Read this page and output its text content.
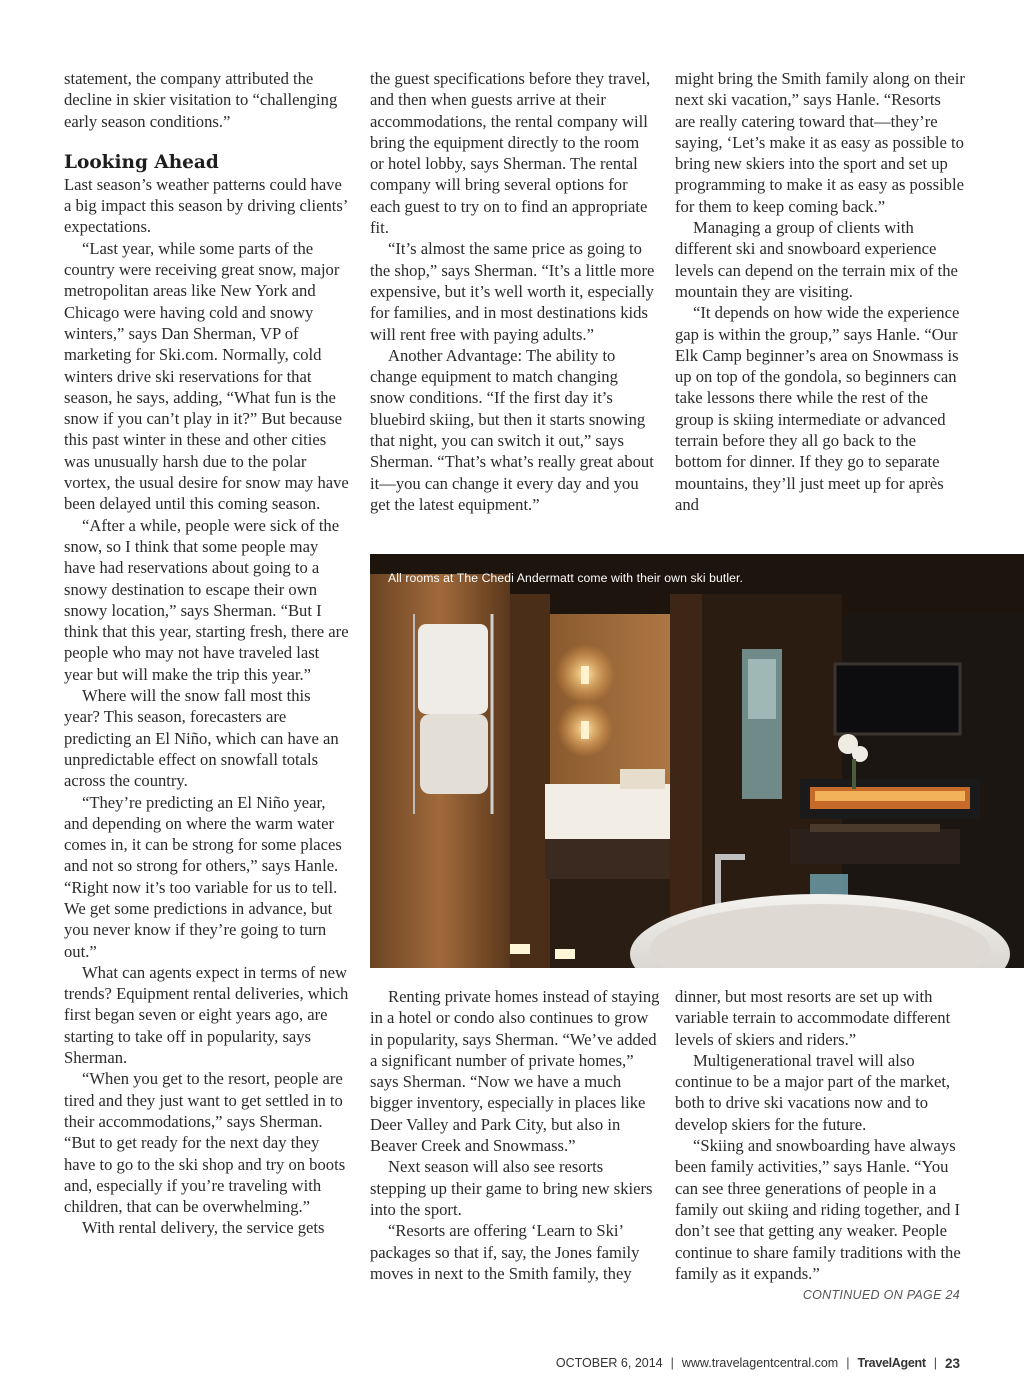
statement, the company attributed the decline in skier visitation to “challenging early season conditions.”

Looking Ahead

Last season’s weather patterns could have a big impact this season by driving clients’ expectations.

“Last year, while some parts of the country were receiving great snow, major metropolitan areas like New York and Chicago were having cold and snowy winters,” says Dan Sherman, VP of marketing for Ski.com. Normally, cold winters drive ski reservations for that season, he says, adding, “What fun is the snow if you can’t play in it?” But because this past winter in these and other cities was unusually harsh due to the polar vortex, the usual desire for snow may have been delayed until this coming season.

“After a while, people were sick of the snow, so I think that some people may have had reservations about going to a snowy destination to escape their own snowy location,” says Sherman. “But I think that this year, starting fresh, there are people who may not have traveled last year but will make the trip this year.”

Where will the snow fall most this year? This season, forecasters are predicting an El Niño, which can have an unpredictable effect on snowfall totals across the country.

“They’re predicting an El Niño year, and depending on where the warm water comes in, it can be strong for some places and not so strong for others,” says Hanle. “Right now it’s too variable for us to tell. We get some predictions in advance, but you never know if they’re going to turn out.”

What can agents expect in terms of new trends? Equipment rental deliveries, which first began seven or eight years ago, are starting to take off in popularity, says Sherman.

“When you get to the resort, people are tired and they just want to get settled in to their accommodations,” says Sherman. “But to get ready for the next day they have to go to the ski shop and try on boots and, especially if you’re traveling with children, that can be overwhelming.”

With rental delivery, the service gets

the guest specifications before they travel, and then when guests arrive at their accommodations, the rental company will bring the equipment directly to the room or hotel lobby, says Sherman. The rental company will bring several options for each guest to try on to find an appropriate fit.

“It’s almost the same price as going to the shop,” says Sherman. “It’s a little more expensive, but it’s well worth it, especially for families, and in most destinations kids will rent free with paying adults.”

Another Advantage: The ability to change equipment to match changing snow conditions. “If the first day it’s bluebird skiing, but then it starts snowing that night, you can switch it out,” says Sherman. “That’s what’s really great about it—you can change it every day and you get the latest equipment.”

might bring the Smith family along on their next ski vacation,” says Hanle. “Resorts are really catering toward that—they’re saying, ‘Let’s make it as easy as possible to bring new skiers into the sport and set up programming to make it as easy as possible for them to keep coming back.”

Managing a group of clients with different ski and snowboard experience levels can depend on the terrain mix of the mountain they are visiting.

“It depends on how wide the experience gap is within the group,” says Hanle. “Our Elk Camp beginner’s area on Snowmass is up on top of the gondola, so beginners can take lessons there while the rest of the group is skiing intermediate or advanced terrain before they all go back to the bottom for dinner. If they go to separate mountains, they’ll just meet up for après and

All rooms at The Chedi Andermatt come with their own ski butler.

Renting private homes instead of staying in a hotel or condo also continues to grow in popularity, says Sherman. “We’ve added a significant number of private homes,” says Sherman. “Now we have a much bigger inventory, especially in places like Deer Valley and Park City, but also in Beaver Creek and Snowmass.”

Next season will also see resorts stepping up their game to bring new skiers into the sport.

“Resorts are offering ‘Learn to Ski’ packages so that if, say, the Jones family moves in next to the Smith family, they

dinner, but most resorts are set up with variable terrain to accommodate different levels of skiers and riders.”

Multigenerational travel will also continue to be a major part of the market, both to drive ski vacations now and to develop skiers for the future.

“Skiing and snowboarding have always been family activities,” says Hanle. “You can see three generations of people in a family out skiing and riding together, and I don’t see that getting any weaker. People continue to share family traditions with the family as it expands.”

CONTINUED ON PAGE 24

OCTOBER 6, 2014 | www.travelagentcentral.com | TravelAgent | 23
